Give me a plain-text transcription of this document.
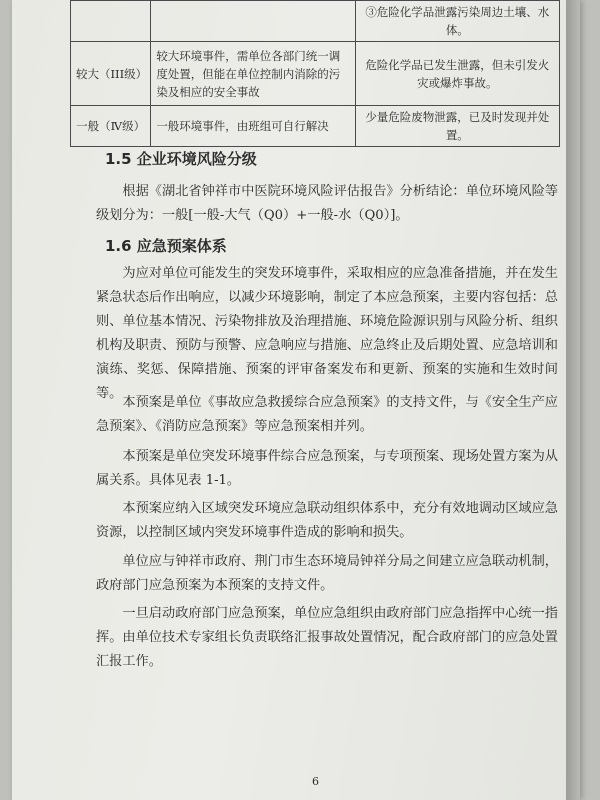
		③危险化学品泄露污染周边土壤、水体。
较大（III级）	较大环境事件，需单位各部门统一调度处置，但能在单位控制内消除的污染及相应的安全事故	危险化学品已发生泄露，但未引发火灾或爆炸事故。
一般（Ⅳ级）	一般环境事件，由班组可自行解决	少量危险废物泄露，已及时发现并处置。
1.5 企业环境风险分级
根据《湖北省钟祥市中医院环境风险评估报告》分析结论：单位环境风险等级划分为：一般[一般-大气（Q0）+一般-水（Q0）]。
1.6 应急预案体系
为应对单位可能发生的突发环境事件，采取相应的应急准备措施，并在发生紧急状态后作出响应，以减少环境影响，制定了本应急预案，主要内容包括：总则、单位基本情况、污染物排放及治理措施、环境危险源识别与风险分析、组织机构及职责、预防与预警、应急响应与措施、应急终止及后期处置、应急培训和演练、奖惩、保障措施、预案的评审备案发布和更新、预案的实施和生效时间等。
本预案是单位《事故应急救援综合应急预案》的支持文件，与《安全生产应急预案》、《消防应急预案》等应急预案相并列。
本预案是单位突发环境事件综合应急预案，与专项预案、现场处置方案为从属关系。具体见表 1-1。
本预案应纳入区域突发环境应急联动组织体系中，充分有效地调动区域应急资源，以控制区域内突发环境事件造成的影响和损失。
单位应与钟祥市政府、荆门市生态环境局钟祥分局之间建立应急联动机制，政府部门应急预案为本预案的支持文件。
一旦启动政府部门应急预案，单位应急组织由政府部门应急指挥中心统一指挥。由单位技术专家组长负责联络汇报事故处置情况，配合政府部门的应急处置汇报工作。
6
